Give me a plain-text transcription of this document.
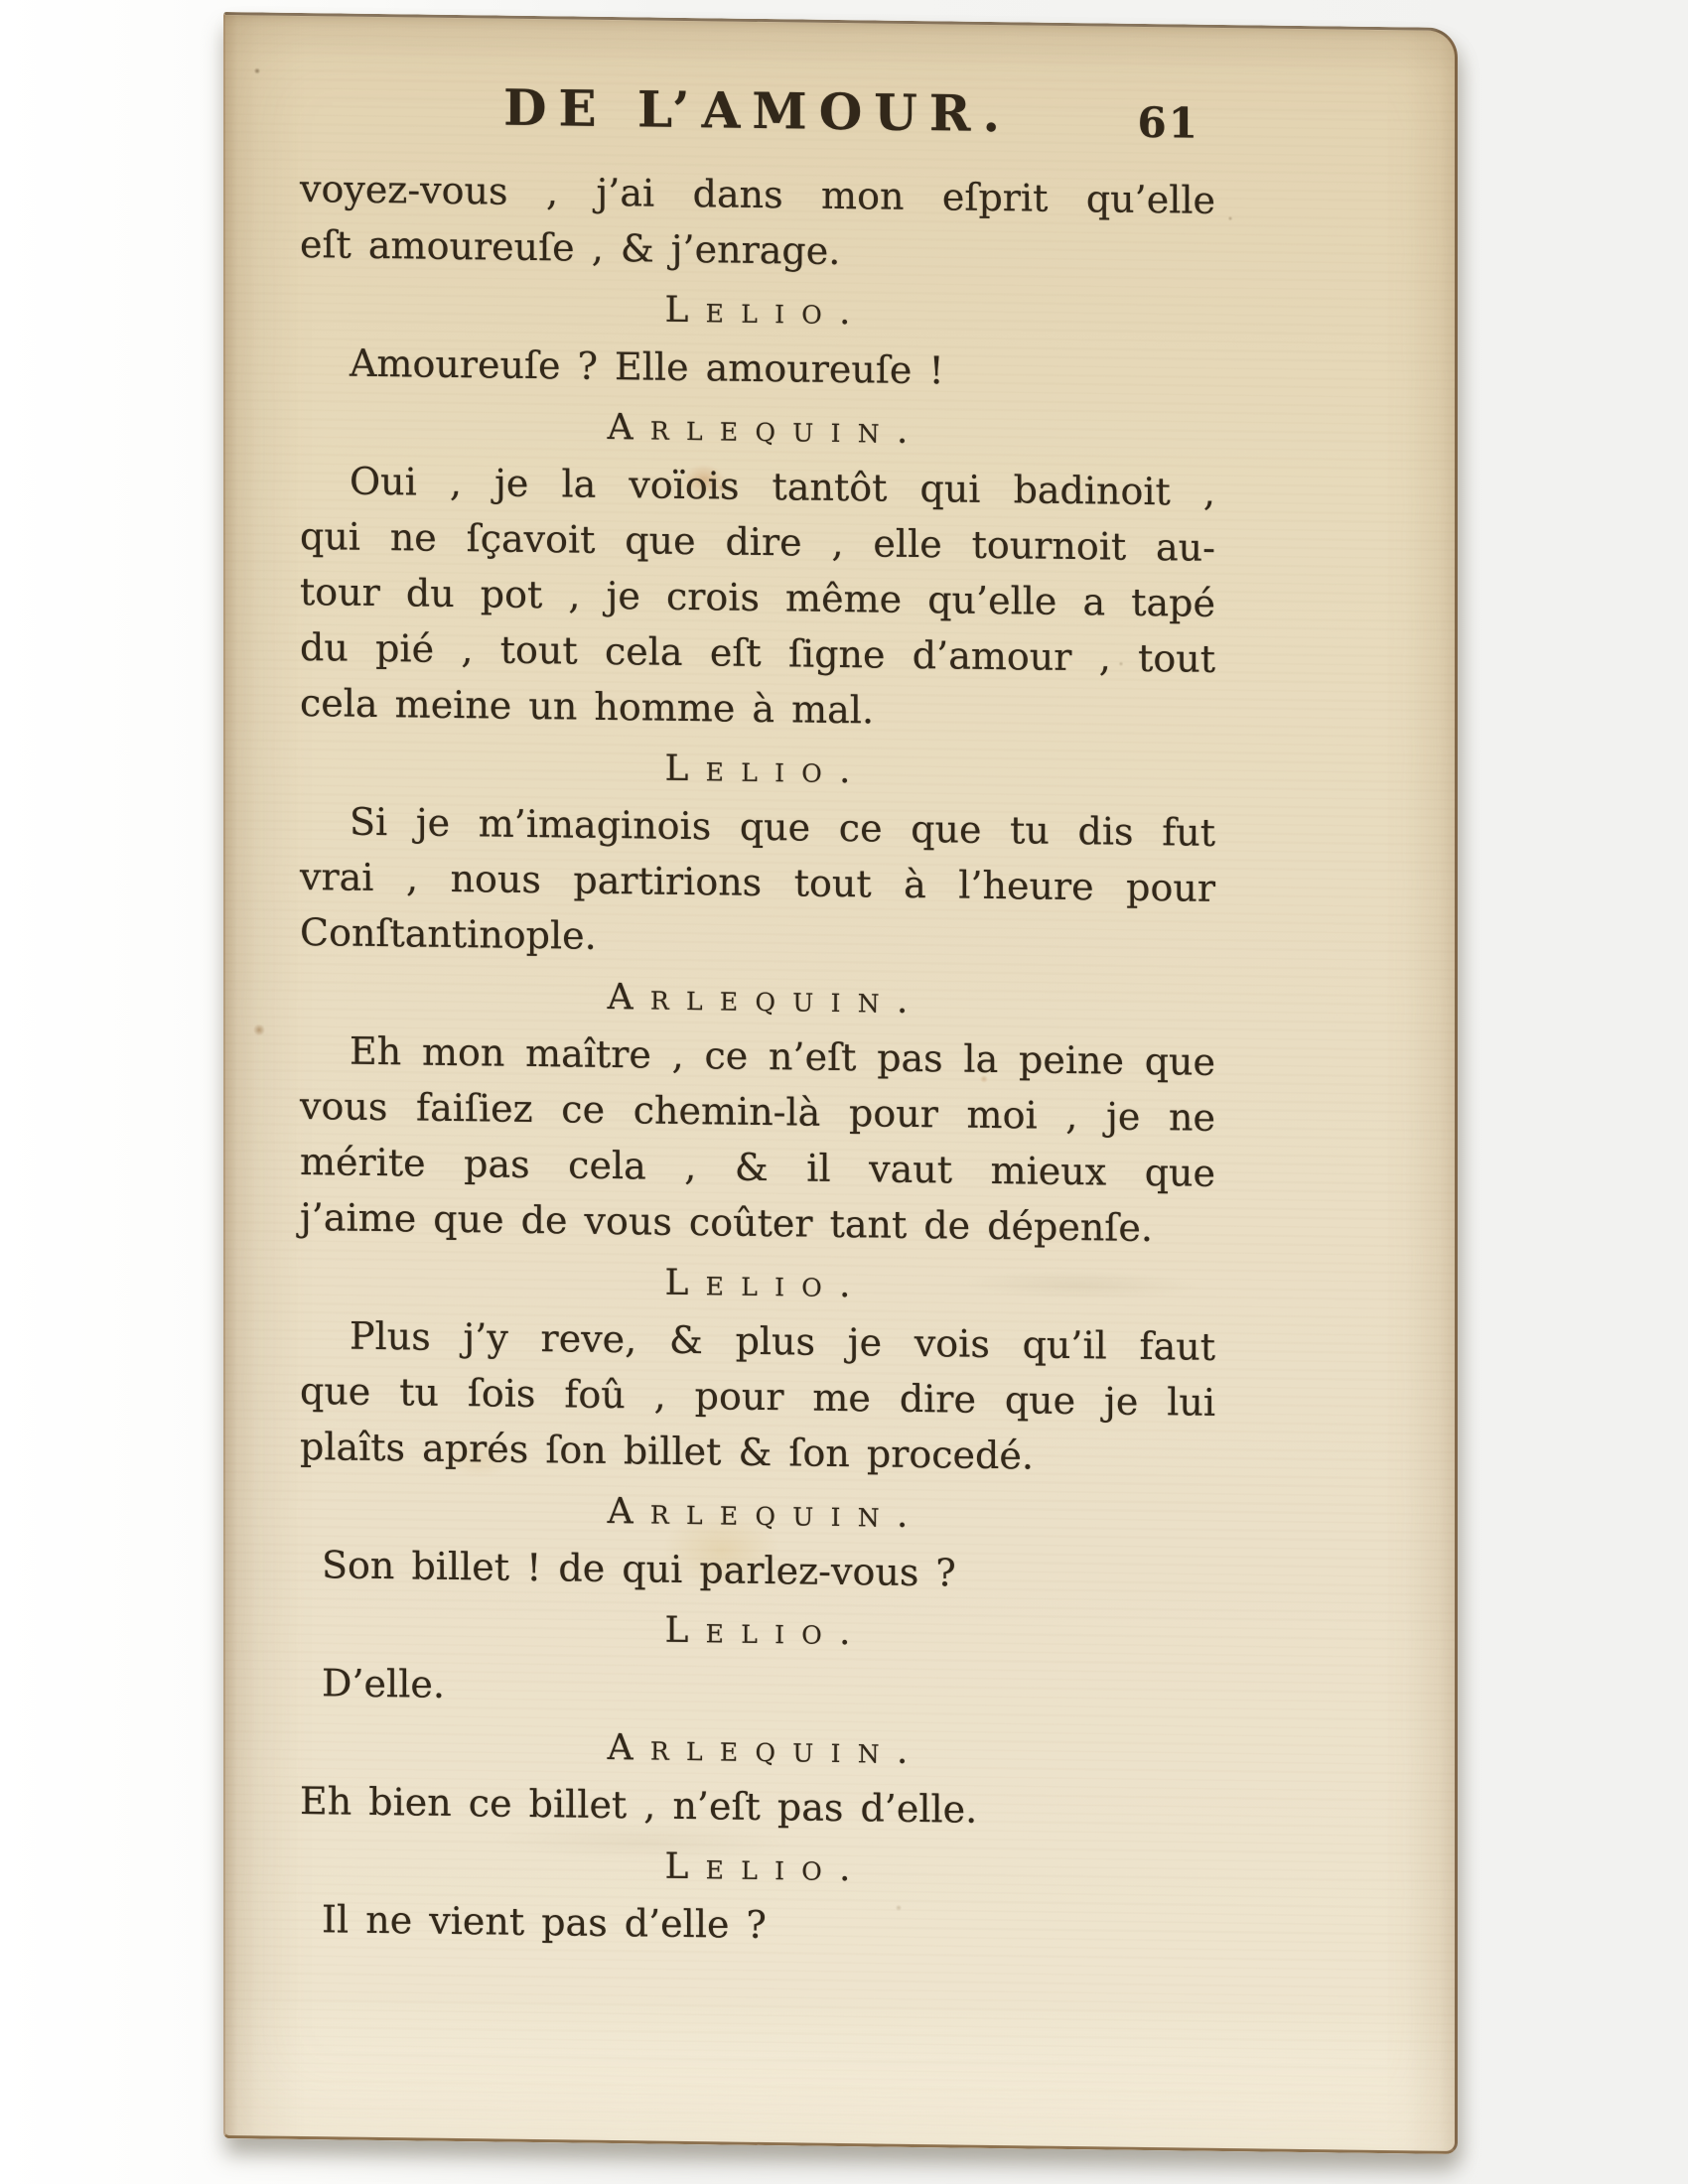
DE L’AMOUR.	61
voyez-vous , j’ai dans mon eſprit qu’elle
eſt amoureuſe , & j’enrage.
Lelio.
Amoureuſe ? Elle amoureuſe !
Arlequin.
Oui , je la voïois tantôt qui badinoit ,
qui ne ſçavoit que dire , elle tournoit au-
tour du pot , je crois même qu’elle a tapé
du pié , tout cela eſt ſigne d’amour , tout
cela meine un homme à mal.
Lelio.
Si je m’imaginois que ce que tu dis fut
vrai , nous partirions tout à l’heure pour
Conſtantinople.
Arlequin.
Eh mon maître , ce n’eſt pas la peine que
vous faiſiez ce chemin-là pour moi , je ne
mérite pas cela , & il vaut mieux que
j’aime que de vous coûter tant de dépenſe.
Lelio.
Plus j’y reve, & plus je vois qu’il faut
que tu ſois foû , pour me dire que je lui
plaîts aprés ſon billet & ſon procedé.
Arlequin.
Son billet ! de qui parlez-vous ?
Lelio.
D’elle.
Arlequin.
Eh bien ce billet , n’eſt pas d’elle.
Lelio.
Il ne vient pas d’elle ?
